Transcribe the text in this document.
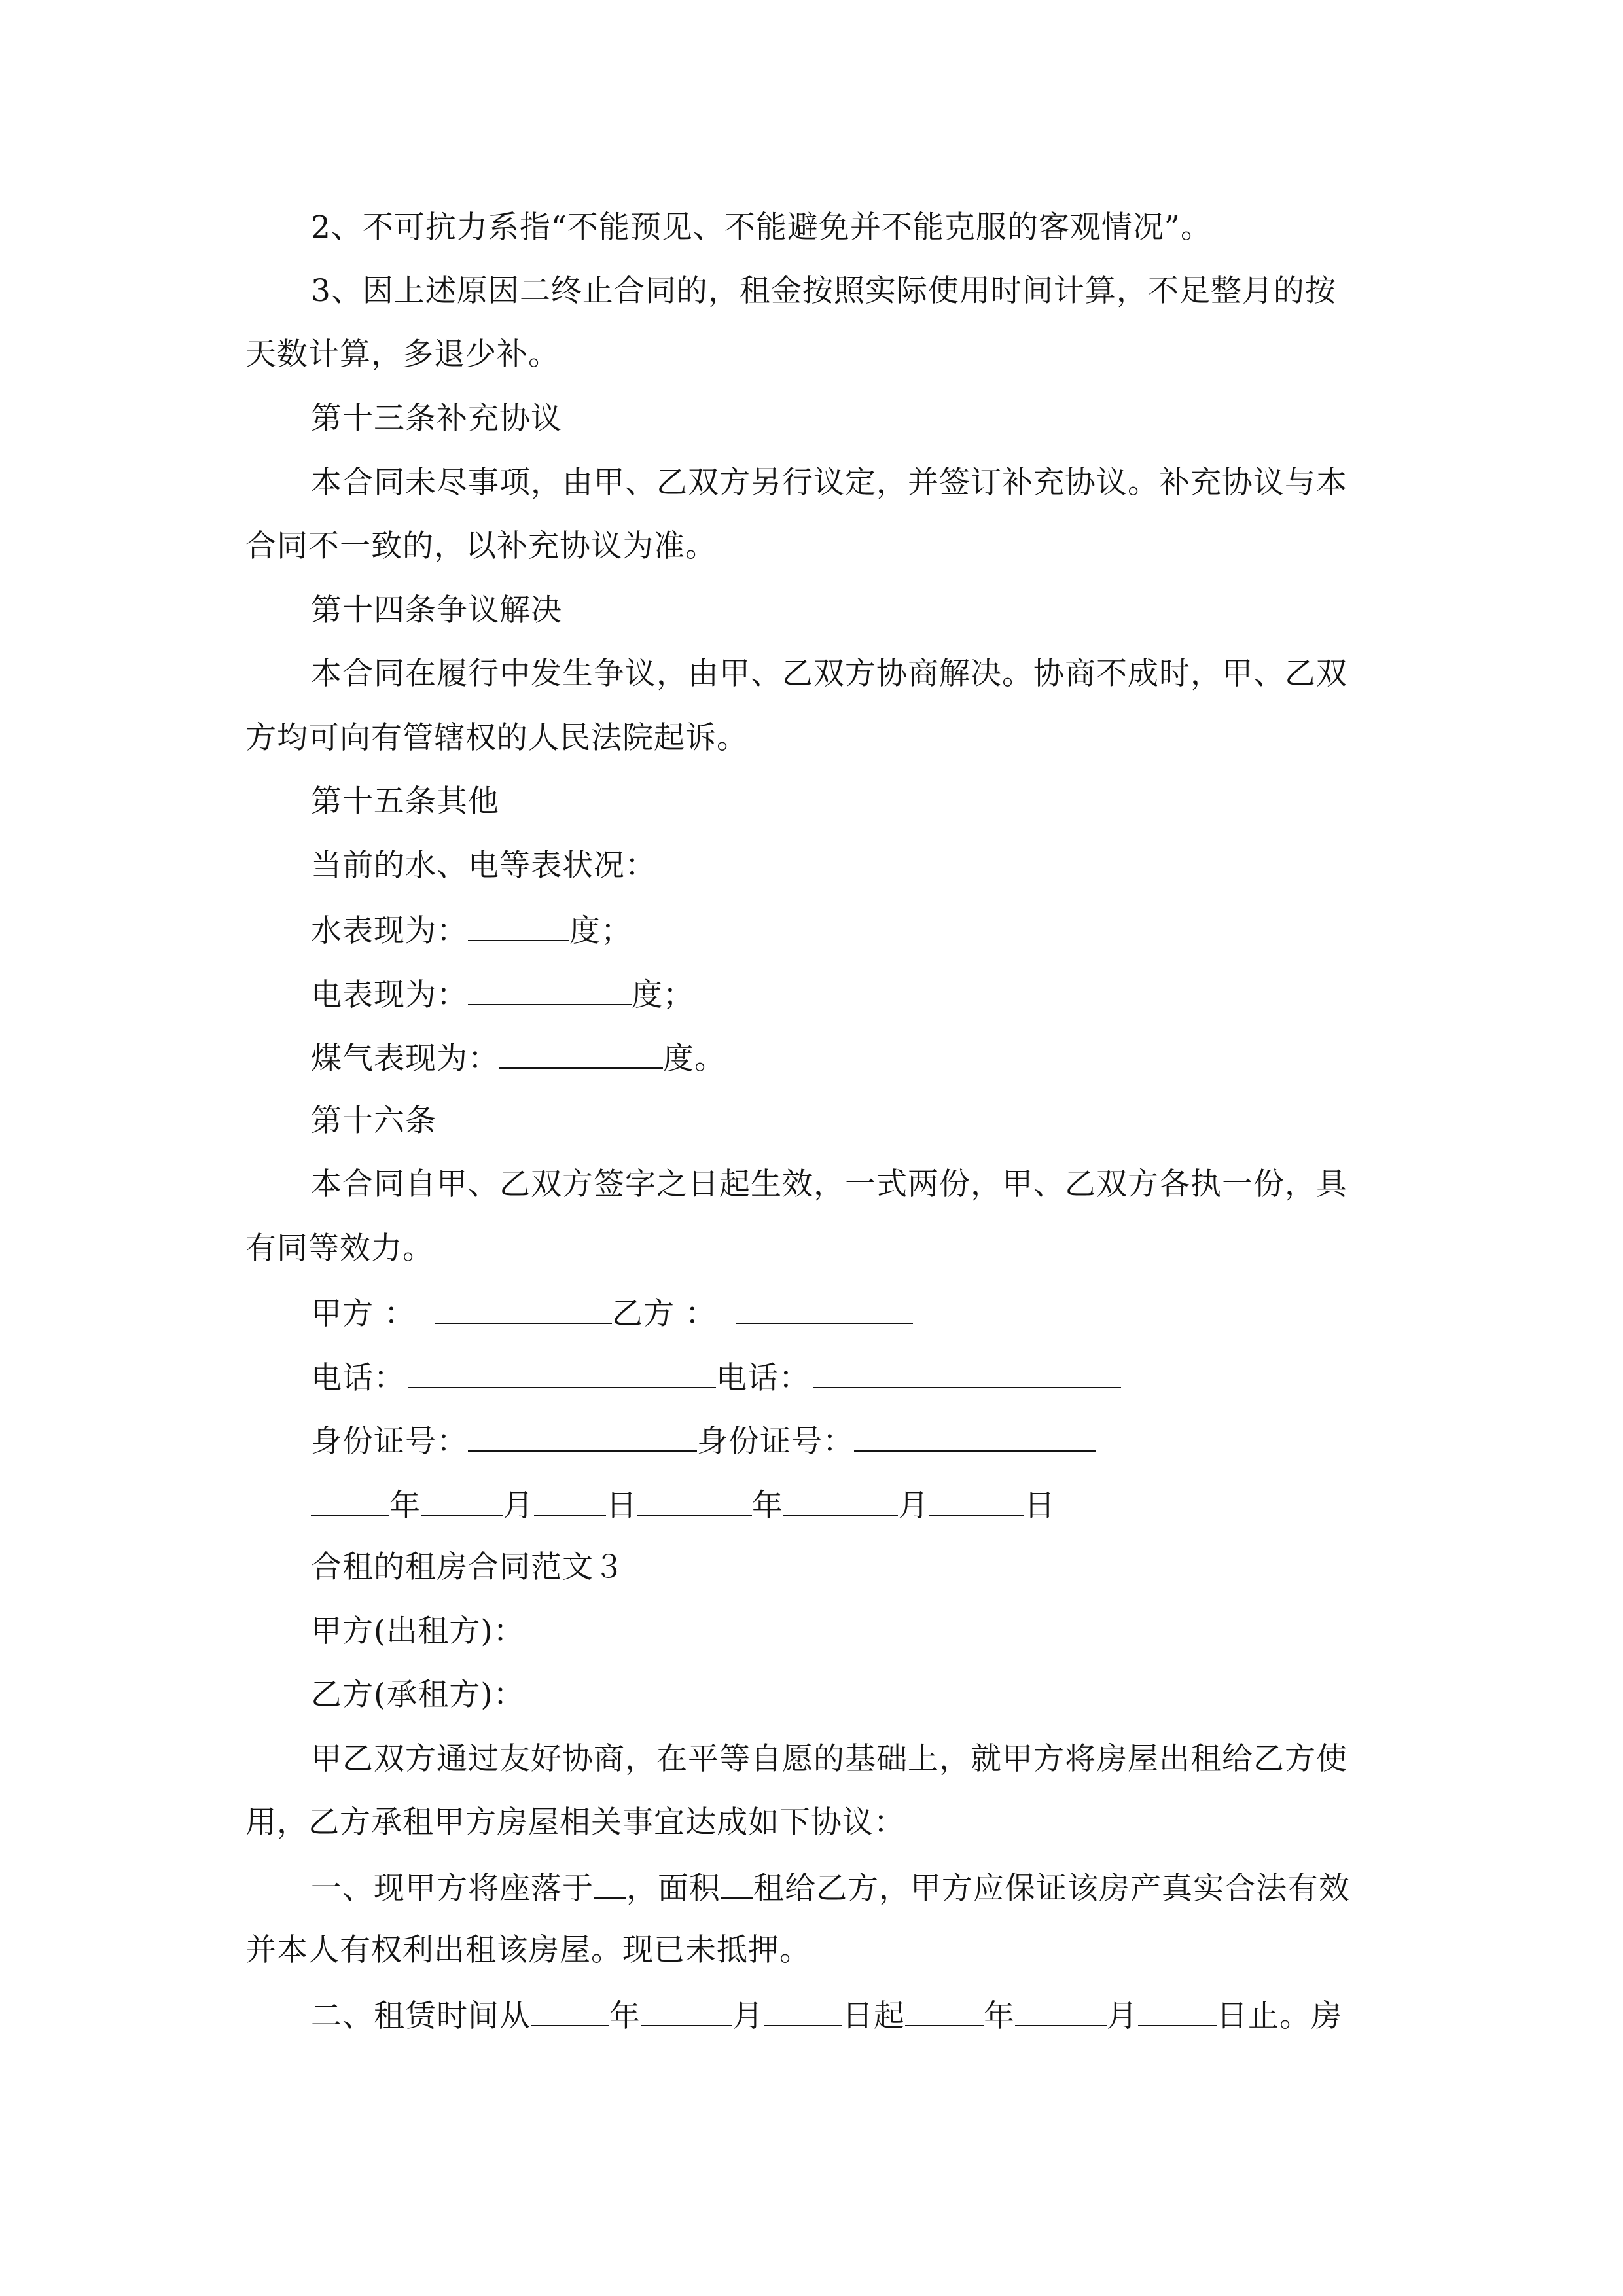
2、不可抗力系指“不能预见、不能避免并不能克服的客观情况”。
3、因上述原因二终止合同的，租金按照实际使用时间计算，不足整月的按
天数计算，多退少补。
第十三条补充协议
本合同未尽事项，由甲、乙双方另行议定，并签订补充协议。补充协议与本
合同不一致的，以补充协议为准。
第十四条争议解决
本合同在履行中发生争议，由甲、乙双方协商解决。协商不成时，甲、乙双
方均可向有管辖权的人民法院起诉。
第十五条其他
当前的水、电等表状况：
水表现为：	度；
电表现为：	度；
煤气表现为：	度。
第十六条
本合同自甲、乙双方签字之日起生效，一式两份，甲、乙双方各执一份，具
有同等效力。
甲方 ：	乙方 ：
电话：	电话：
身份证号：	身份证号：
年	月 日	年	月	日
合租的租房合同范文３
甲方(出租方)：
乙方(承租方)：
甲乙双方通过友好协商，在平等自愿的基础上，就甲方将房屋出租给乙方使
用，乙方承租甲方房屋相关事宜达成如下协议：
一、现甲方将座落于 ，面积 租给乙方，甲方应保证该房产真实合法有效
并本人有权利出租该房屋。现已未抵押。
二、租赁时间从	年	月	日起	年	月	日止。房
